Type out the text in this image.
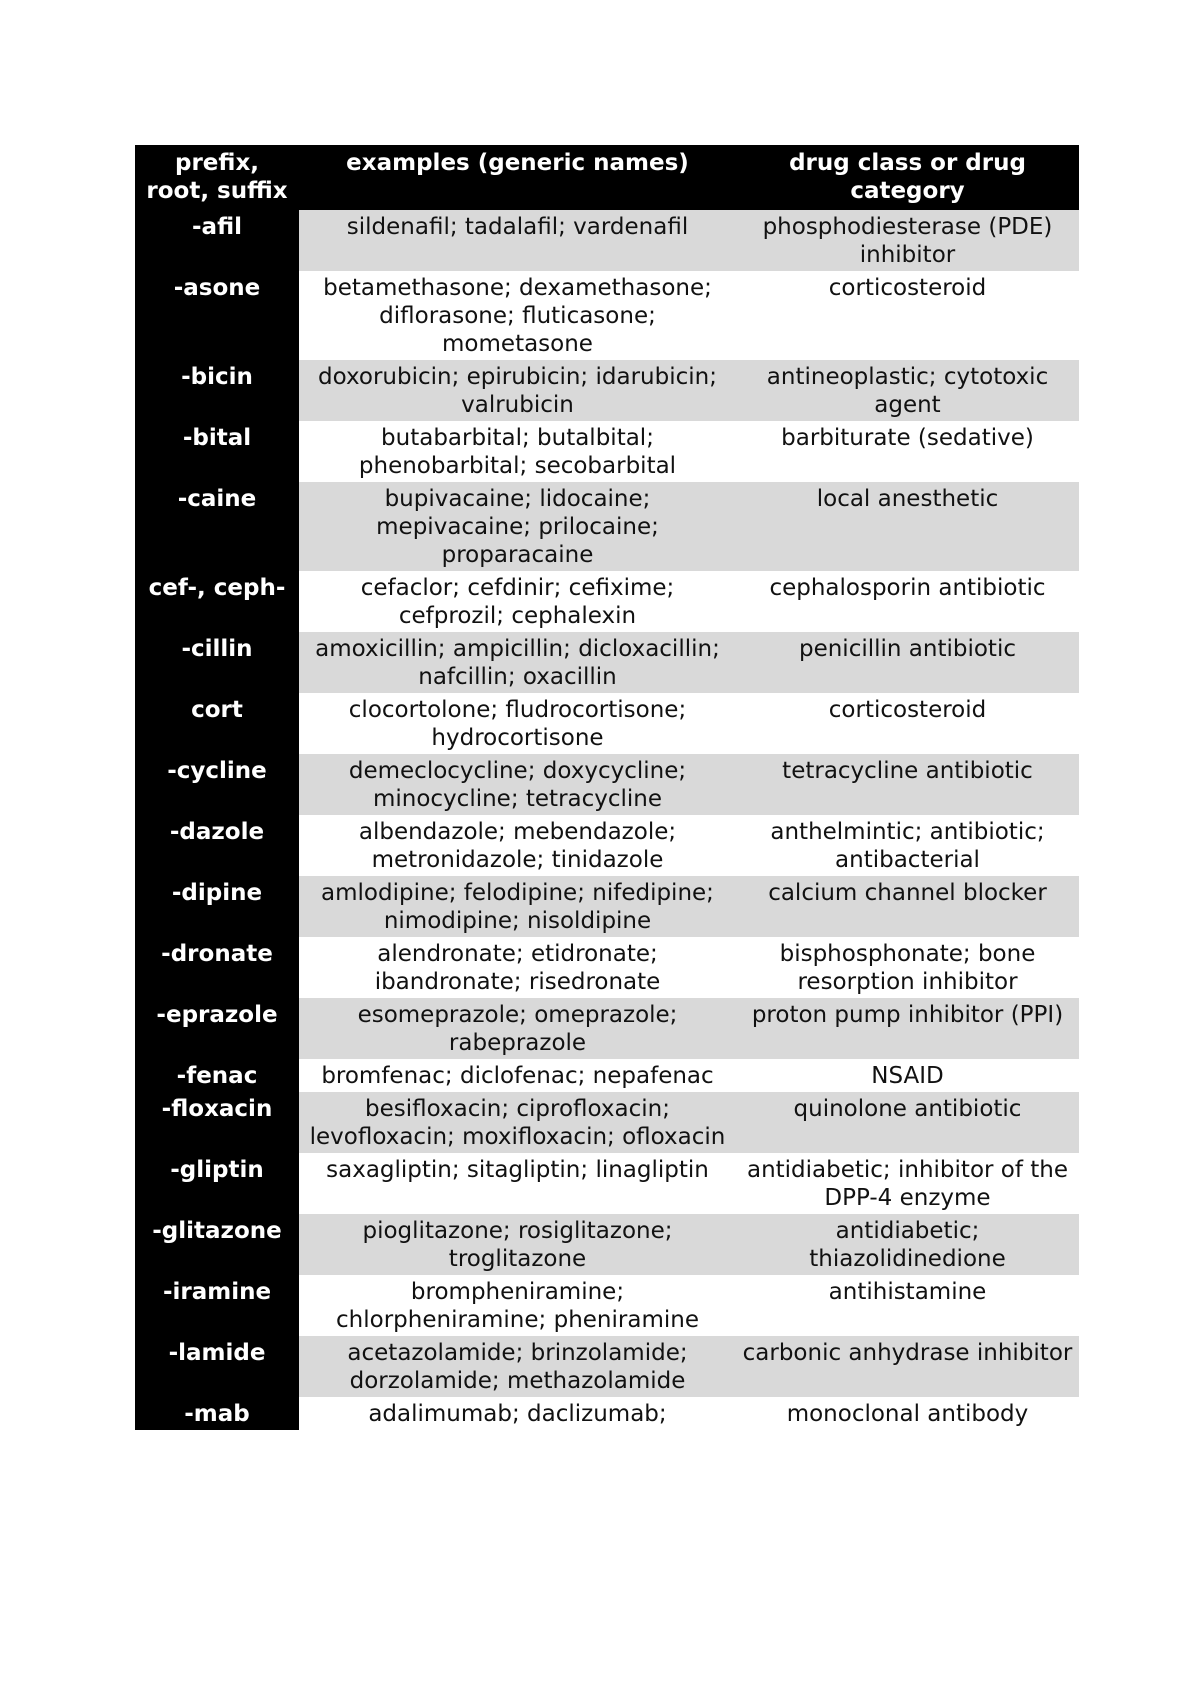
prefix, root, suffix	examples (generic names)	drug class or drug category
-afil	sildenafil; tadalafil; vardenafil	phosphodiesterase (PDE) inhibitor
-asone	betamethasone; dexamethasone; diflorasone; fluticasone; mometasone	corticosteroid
-bicin	doxorubicin; epirubicin; idarubicin; valrubicin	antineoplastic; cytotoxic agent
-bital	butabarbital; butalbital; phenobarbital; secobarbital	barbiturate (sedative)
-caine	bupivacaine; lidocaine; mepivacaine; prilocaine; proparacaine	local anesthetic
cef-, ceph-	cefaclor; cefdinir; cefixime; cefprozil; cephalexin	cephalosporin antibiotic
-cillin	amoxicillin; ampicillin; dicloxacillin; nafcillin; oxacillin	penicillin antibiotic
cort	clocortolone; fludrocortisone; hydrocortisone	corticosteroid
-cycline	demeclocycline; doxycycline; minocycline; tetracycline	tetracycline antibiotic
-dazole	albendazole; mebendazole; metronidazole; tinidazole	anthelmintic; antibiotic; antibacterial
-dipine	amlodipine; felodipine; nifedipine; nimodipine; nisoldipine	calcium channel blocker
-dronate	alendronate; etidronate; ibandronate; risedronate	bisphosphonate; bone resorption inhibitor
-eprazole	esomeprazole; omeprazole; rabeprazole	proton pump inhibitor (PPI)
-fenac	bromfenac; diclofenac; nepafenac	NSAID
-floxacin	besifloxacin; ciprofloxacin; levofloxacin; moxifloxacin; ofloxacin	quinolone antibiotic
-gliptin	saxagliptin; sitagliptin; linagliptin	antidiabetic; inhibitor of the DPP-4 enzyme
-glitazone	pioglitazone; rosiglitazone; troglitazone	antidiabetic; thiazolidinedione
-iramine	brompheniramine; chlorpheniramine; pheniramine	antihistamine
-lamide	acetazolamide; brinzolamide; dorzolamide; methazolamide	carbonic anhydrase inhibitor
-mab	adalimumab; daclizumab;	monoclonal antibody
